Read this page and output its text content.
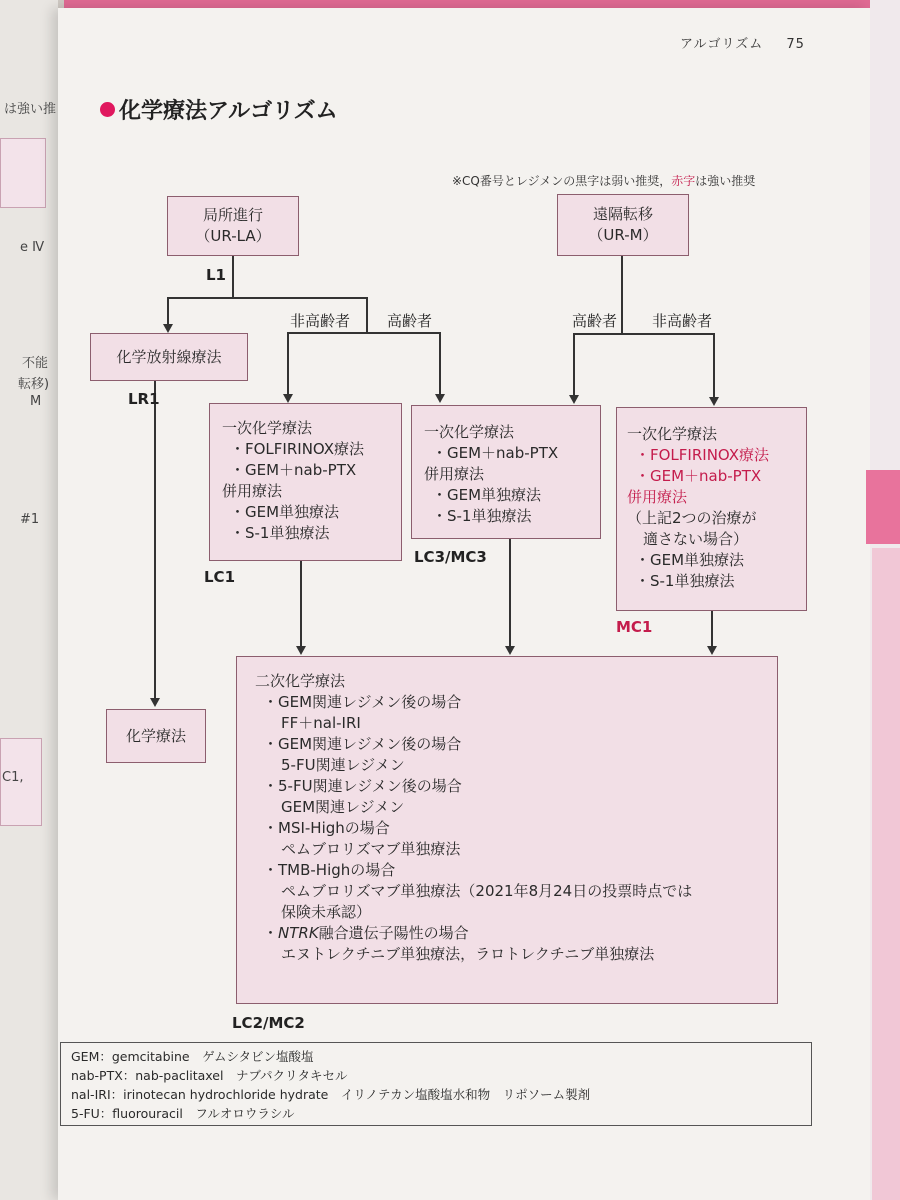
は強い推
e Ⅳ
不能
転移)
M
#1
C1,
アルゴリズム 75
化学療法アルゴリズム
※CQ番号とレジメンの黒字は弱い推奨，赤字は強い推奨

局所進行

（UR-LA）

遠隔転移

（UR-M）

L1
非高齢者 高齢者	高齢者 非高齢者

化学放射線療法

LR1

化学療法

一次化学療法

・FOLFIRINOX療法

・GEM＋nab-PTX

併用療法

・GEM単独療法

・S-1単独療法

LC1

一次化学療法

・GEM＋nab-PTX

併用療法

・GEM単独療法

・S-1単独療法

LC3/MC3

一次化学療法

・FOLFIRINOX療法

・GEM＋nab-PTX

併用療法

（上記2つの治療が

適さない場合）

・GEM単独療法

・S-1単独療法

MC1

二次化学療法

・GEM関連レジメン後の場合

FF＋nal-IRI

・GEM関連レジメン後の場合

5-FU関連レジメン

・5-FU関連レジメン後の場合

GEM関連レジメン

・MSI-Highの場合

ペムブロリズマブ単独療法

・TMB-Highの場合

ペムブロリズマブ単独療法（2021年8月24日の投票時点では

保険未承認）

・NTRK融合遺伝子陽性の場合

エヌトレクチニブ単独療法，ラロトレクチニブ単独療法

LC2/MC2
GEM：gemcitabine　 ゲムシタビン塩酸塩
nab-PTX：nab-paclitaxel　 ナブパクリタキセル
nal-IRI：irinotecan hydrochloride hydrate　 イリノテカン塩酸塩水和物　リポソーム製剤
5-FU：fluorouracil　 フルオロウラシル
